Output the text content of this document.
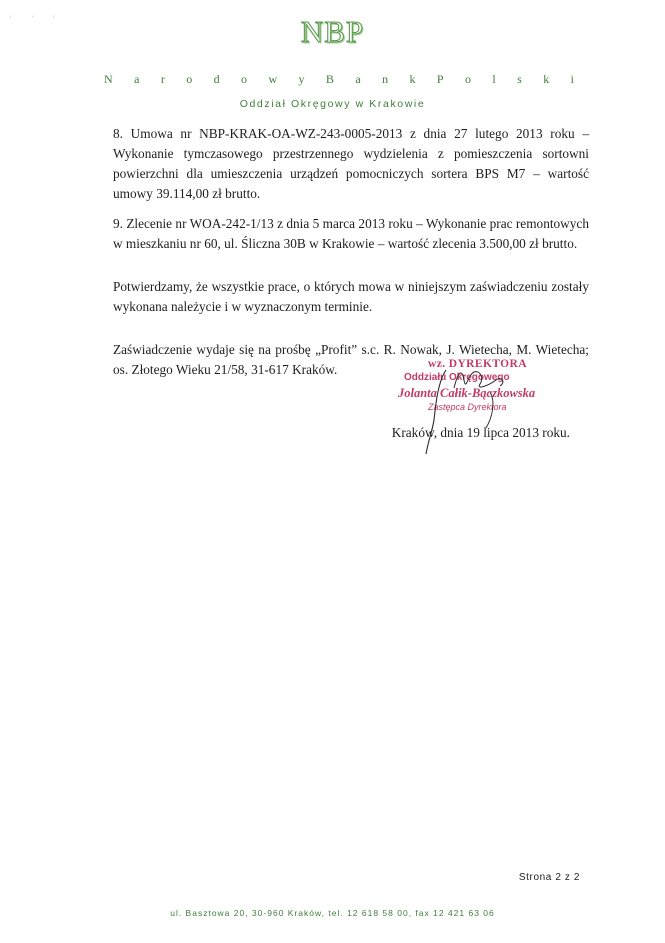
' ' '	NBP
N a r o d o w y B a n k P o l s k i
Oddział Okręgowy w Krakowie

8. Umowa nr NBP-KRAK-OA-WZ-243-0005-2013 z dnia 27 lutego 2013 roku – Wykonanie tymczasowego przestrzennego wydzielenia z pomieszczenia sortowni powierzchni dla umieszczenia urządzeń pomocniczych sortera BPS M7 – wartość umowy 39.114,00 zł brutto.

9. Zlecenie nr WOA-242-1/13 z dnia 5 marca 2013 roku – Wykonanie prac remontowych w mieszkaniu nr 60, ul. Śliczna 30B w Krakowie – wartość zlecenia 3.500,00 zł brutto.

Potwierdzamy, że wszystkie prace, o których mowa w niniejszym zaświadczeniu zostały wykonana należycie i w wyznaczonym terminie.

Zaświadczenie wydaje się na prośbę „Profit” s.c. R. Nowak, J. Wietecha, M. Wietecha; os. Złotego Wieku 21/58, 31-617 Kraków.	wz. DYREKTORA
Oddziału Okręgowego
Jolanta Całik-Bączkowska
Zastępca Dyrektora
Kraków, dnia 19 lipca 2013 roku.
Strona 2 z 2
ul. Basztowa 20, 30-960 Kraków, tel. 12 618 58 00, fax 12 421 63 06
